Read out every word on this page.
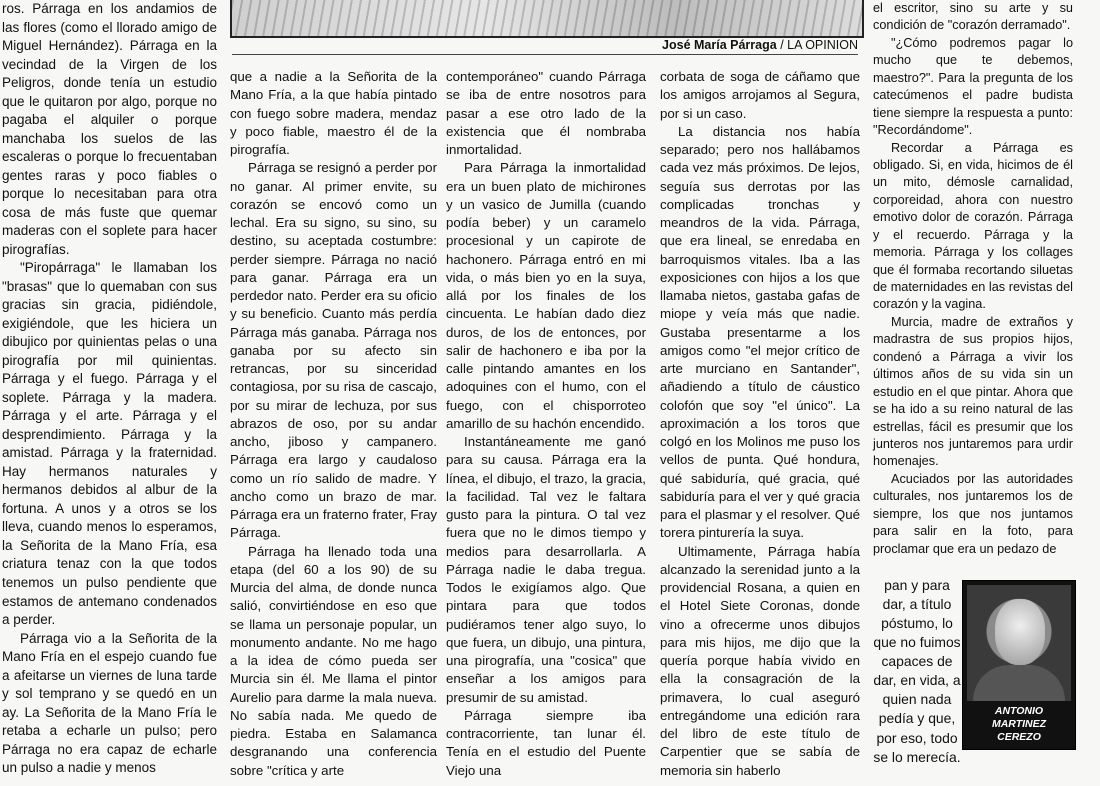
José María Párraga / LA OPINION

ros. Párraga en los andamios de las flores (como el llorado amigo de Miguel Hernández). Párraga en la vecindad de la Virgen de los Peligros, donde tenía un estudio que le quitaron por algo, porque no pagaba el alquiler o porque manchaba los suelos de las escaleras o porque lo frecuentaban gentes raras y poco fiables o porque lo necesitaban para otra cosa de más fuste que quemar maderas con el soplete para hacer pirografías.

"Piropárraga" le llamaban los "brasas" que lo quemaban con sus gracias sin gracia, pidiéndole, exigiéndole, que les hiciera un dibujico por quinientas pelas o una pirografía por mil quinientas. Párraga y el fuego. Párraga y el soplete. Párraga y la madera. Párraga y el arte. Párraga y el desprendimiento. Párraga y la amistad. Párraga y la fraternidad. Hay hermanos naturales y hermanos debidos al albur de la fortuna. A unos y a otros se los lleva, cuando menos lo esperamos, la Señorita de la Mano Fría, esa criatura tenaz con la que todos tenemos un pulso pendiente que estamos de antemano condenados a perder.

Párraga vio a la Señorita de la Mano Fría en el espejo cuando fue a afeitarse un viernes de luna tarde y sol temprano y se quedó en un ay. La Señorita de la Mano Fría le retaba a echarle un pulso; pero Párraga no era capaz de echarle un pulso a nadie y menos

que a nadie a la Señorita de la Mano Fría, a la que había pintado con fuego sobre madera, mendaz y poco fiable, maestro él de la pirografía.

Párraga se resignó a perder por no ganar. Al primer envite, su corazón se encovó como un lechal. Era su signo, su sino, su destino, su aceptada costumbre: perder siempre. Párraga no nació para ganar. Párraga era un perdedor nato. Perder era su oficio y su beneficio. Cuanto más perdía Párraga más ganaba. Párraga nos ganaba por su afecto sin retrancas, por su sinceridad contagiosa, por su risa de cascajo, por su mirar de lechuza, por sus abrazos de oso, por su andar ancho, jiboso y campanero. Párraga era largo y caudaloso como un río salido de madre. Y ancho como un brazo de mar. Párraga era un fraterno frater, Fray Párraga.

Párraga ha llenado toda una etapa (del 60 a los 90) de su Murcia del alma, de donde nunca salió, convirtiéndose en eso que se llama un personaje popular, un monumento andante. No me hago a la idea de cómo pueda ser Murcia sin él. Me llama el pintor Aurelio para darme la mala nueva. No sabía nada. Me quedo de piedra. Estaba en Salamanca desgranando una conferencia sobre "crítica y arte

contemporáneo" cuando Párraga se iba de entre nosotros para pasar a ese otro lado de la existencia que él nombraba inmortalidad.

Para Párraga la inmortalidad era un buen plato de michirones y un vasico de Jumilla (cuando podía beber) y un caramelo procesional y un capirote de hachonero. Párraga entró en mi vida, o más bien yo en la suya, allá por los finales de los cincuenta. Le habían dado diez duros, de los de entonces, por salir de hachonero e iba por la calle pintando amantes en los adoquines con el humo, con el fuego, con el chisporroteo amarillo de su hachón encendido.

Instantáneamente me ganó para su causa. Párraga era la línea, el dibujo, el trazo, la gracia, la facilidad. Tal vez le faltara gusto para la pintura. O tal vez fuera que no le dimos tiempo y medios para desarrollarla. A Párraga nadie le daba tregua. Todos le exigíamos algo. Que pintara para que todos pudiéramos tener algo suyo, lo que fuera, un dibujo, una pintura, una pirografía, una "cosica" que enseñar a los amigos para presumir de su amistad.

Párraga siempre iba contracorriente, tan lunar él. Tenía en el estudio del Puente Viejo una

corbata de soga de cáñamo que los amigos arrojamos al Segura, por si un caso.

La distancia nos había separado; pero nos hallábamos cada vez más próximos. De lejos, seguía sus derrotas por las complicadas tronchas y meandros de la vida. Párraga, que era lineal, se enredaba en barroquismos vitales. Iba a las exposiciones con hijos a los que llamaba nietos, gastaba gafas de miope y veía más que nadie. Gustaba presentarme a los amigos como "el mejor crítico de arte murciano en Santander", añadiendo a título de cáustico colofón que soy "el único". La aproximación a los toros que colgó en los Molinos me puso los vellos de punta. Qué hondura, qué sabiduría, qué gracia, qué sabiduría para el ver y qué gracia para el plasmar y el resolver. Qué torera pinturería la suya.

Ultimamente, Párraga había alcanzado la serenidad junto a la providencial Rosana, a quien en el Hotel Siete Coronas, donde vino a ofrecerme unos dibujos para mis hijos, me dijo que la quería porque había vivido en ella la consagración de la primavera, lo cual aseguró entregándome una edición rara del libro de este título de Carpentier que se sabía de memoria sin haberlo

el escritor, sino su arte y su condición de "corazón derramado".

"¿Cómo podremos pagar lo mucho que te debemos, maestro?". Para la pregunta de los catecúmenos el padre budista tiene siempre la respuesta a punto: "Recordándome".

Recordar a Párraga es obligado. Si, en vida, hicimos de él un mito, démosle carnalidad, corporeidad, ahora con nuestro emotivo dolor de corazón. Párraga y el recuerdo. Párraga y la memoria. Párraga y los collages que él formaba recortando siluetas de maternidades en las revistas del corazón y la vagina.

Murcia, madre de extraños y madrastra de sus propios hijos, condenó a Párraga a vivir los últimos años de su vida sin un estudio en el que pintar. Ahora que se ha ido a su reino natural de las estrellas, fácil es presumir que los junteros nos juntaremos para urdir homenajes.

Acuciados por las autoridades culturales, nos juntaremos los de siempre, los que nos juntamos para salir en la foto, para proclamar que era un pedazo de

pan y para dar, a título póstumo, lo que no fuimos capaces de dar, en vida, a quien nada pedía y que, por eso, todo se lo merecía.
ANTONIO
MARTINEZ
CEREZO
